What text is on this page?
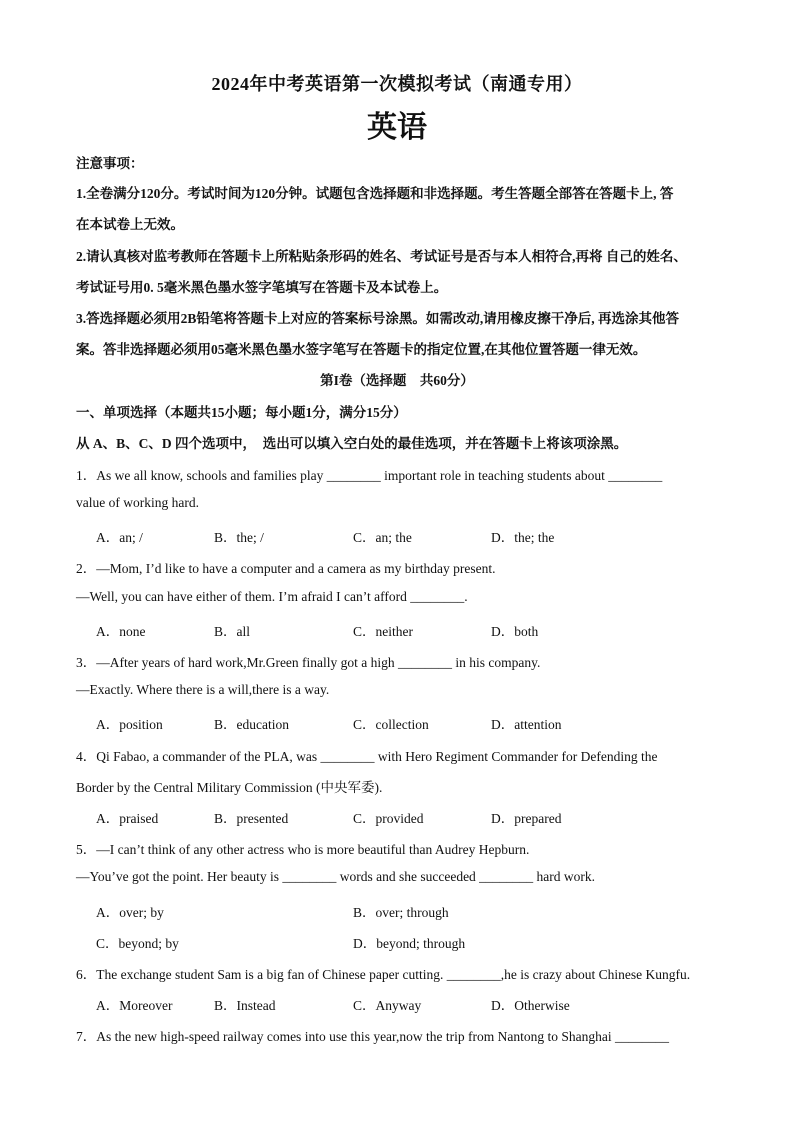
2024年中考英语第一次模拟考试（南通专用）
英语
注意事项：
1.全卷满分120分。考试时间为120分钟。试题包含选择题和非选择题。考生答题全部答在答题卡上, 答
在本试卷上无效。
2.请认真核对监考教师在答题卡上所粘贴条形码的姓名、考试证号是否与本人相符合,再将 自己的姓名、
考试证号用0. 5毫米黑色墨水签字笔填写在答题卡及本试卷上。
3.答选择题必须用2B铅笔将答题卡上对应的答案标号涂黑。如需改动,请用橡皮擦干净后, 再选涂其他答
案。答非选择题必须用05毫米黑色墨水签字笔写在答题卡的指定位置,在其他位置答题一律无效。
第I卷（选择题　共60分）
一、单项选择（本题共15小题；每小题1分，满分15分）
从 A、B、C、D 四个选项中，　选出可以填入空白处的最佳选项，并在答题卡上将该项涂黑。
1．As we all know, schools and families play ________ important role in teaching students about ________
value of working hard.
A．an; /	B．the; /	C．an; the	D．the; the
2．—Mom, I’d like to have a computer and a camera as my birthday present.
—Well, you can have either of them. I’m afraid I can’t afford ________.
A．none	B．all	C．neither	D．both
3．—After years of hard work,Mr.Green finally got a high ________ in his company.
—Exactly. Where there is a will,there is a way.
A．position	B．education	C．collection	D．attention
4．Qi Fabao, a commander of the PLA, was ________ with Hero Regiment Commander for Defending the
Border by the Central Military Commission (中央军委).
A．praised	B．presented	C．provided	D．prepared
5．—I can’t think of any other actress who is more beautiful than Audrey Hepburn.
—You’ve got the point. Her beauty is ________ words and she succeeded ________ hard work.
A．over; by	B．over; through
C．beyond; by	D．beyond; through
6．The exchange student Sam is a big fan of Chinese paper cutting. ________,he is crazy about Chinese Kungfu.
A．Moreover	B．Instead	C．Anyway	D．Otherwise
7．As the new high-speed railway comes into use this year,now the trip from Nantong to Shanghai ________
